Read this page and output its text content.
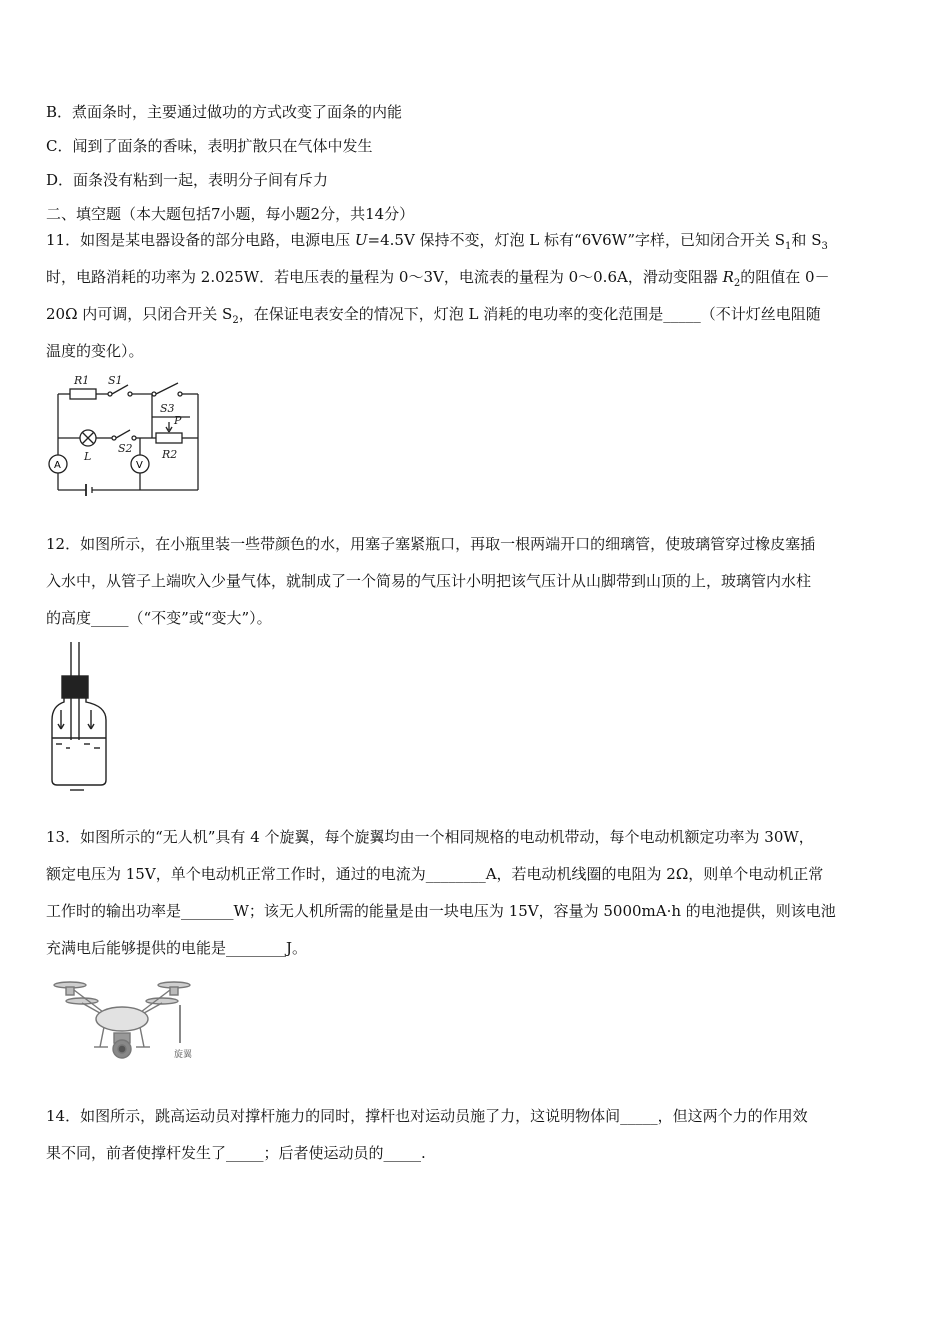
B．煮面条时，主要通过做功的方式改变了面条的内能
C．闻到了面条的香味，表明扩散只在气体中发生
D．面条没有粘到一起，表明分子间有斥力
二、填空题（本大题包括7小题，每小题2分，共14分）
11．如图是某电器设备的部分电路，电源电压 U=4.5V 保持不变，灯泡 L 标有“6V6W”字样，已知闭合开关 $S_1$和 $S_3$
时，电路消耗的功率为 2.025W．若电压表的量程为 0～3V，电流表的量程为 0～0.6A，滑动变阻器 $R_2$的阻值在 0－
20Ω 内可调，只闭合开关 $S_2$，在保证电表安全的情况下，灯泡 L 消耗的电功率的变化范围是_____（不计灯丝电阻随
温度的变化）。
A	V
R1 S1
S3
P
S2	R2
L
12．如图所示，在小瓶里装一些带颜色的水，用塞子塞紧瓶口，再取一根两端开口的细璃管，使玻璃管穿过橡皮塞插
入水中，从管子上端吹入少量气体，就制成了一个简易的气压计小明把该气压计从山脚带到山顶的上，玻璃管内水柱
的高度_____（“不变”或“变大”）。
13．如图所示的“无人机”具有 4 个旋翼，每个旋翼均由一个相同规格的电动机带动，每个电动机额定功率为 30W，
额定电压为 15V，单个电动机正常工作时，通过的电流为________A，若电动机线圈的电阻为 2Ω，则单个电动机正常
工作时的输出功率是_______W；该无人机所需的能量是由一块电压为 15V，容量为 5000mA·h 的电池提供，则该电池
充满电后能够提供的电能是________J。
旋翼
14．如图所示，跳高运动员对撑杆施力的同时，撑杆也对运动员施了力，这说明物体间_____，但这两个力的作用效
果不同，前者使撑杆发生了_____；后者使运动员的_____.
